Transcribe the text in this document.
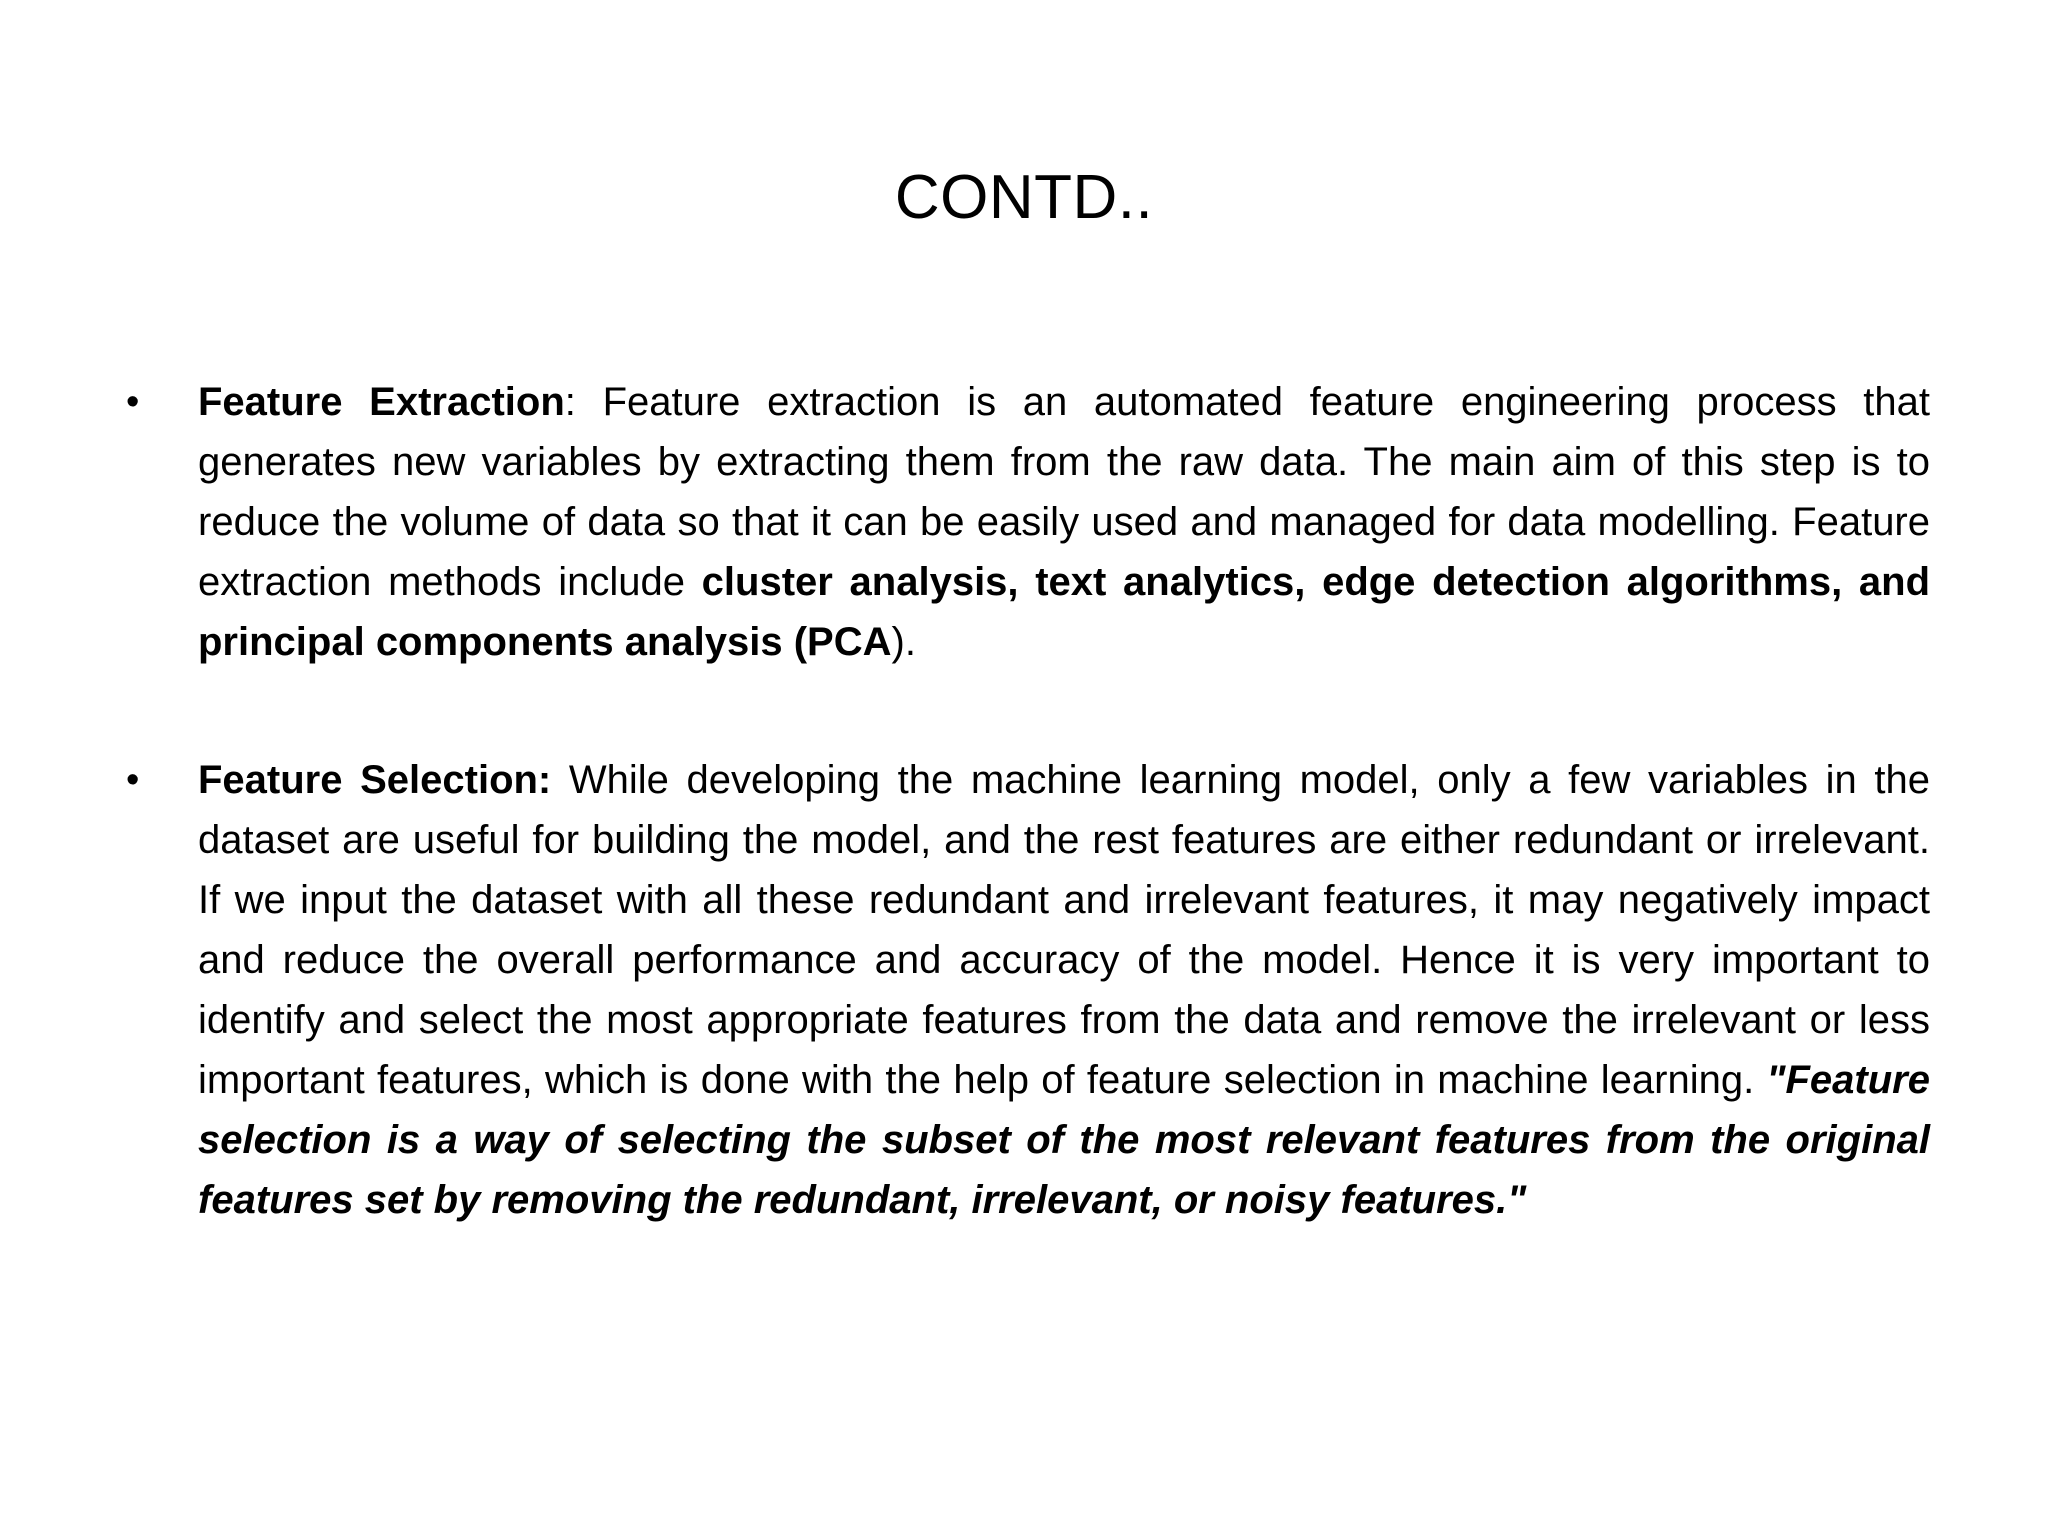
CONTD..
• Feature Extraction: Feature extraction is an automated feature engineering process that generates new variables by extracting them from the raw data. The main aim of this step is to reduce the volume of data so that it can be easily used and managed for data modelling. Feature extraction methods include cluster analysis, text analytics, edge detection algorithms, and principal components analysis (PCA).

• Feature Selection: While developing the machine learning model, only a few variables in the dataset are useful for building the model, and the rest features are either redundant or irrelevant. If we input the dataset with all these redundant and irrelevant features, it may negatively impact and reduce the overall performance and accuracy of the model. Hence it is very important to identify and select the most appropriate features from the data and remove the irrelevant or less important features, which is done with the help of feature selection in machine learning. "Feature selection is a way of selecting the subset of the most relevant features from the original features set by removing the redundant, irrelevant, or noisy features."
